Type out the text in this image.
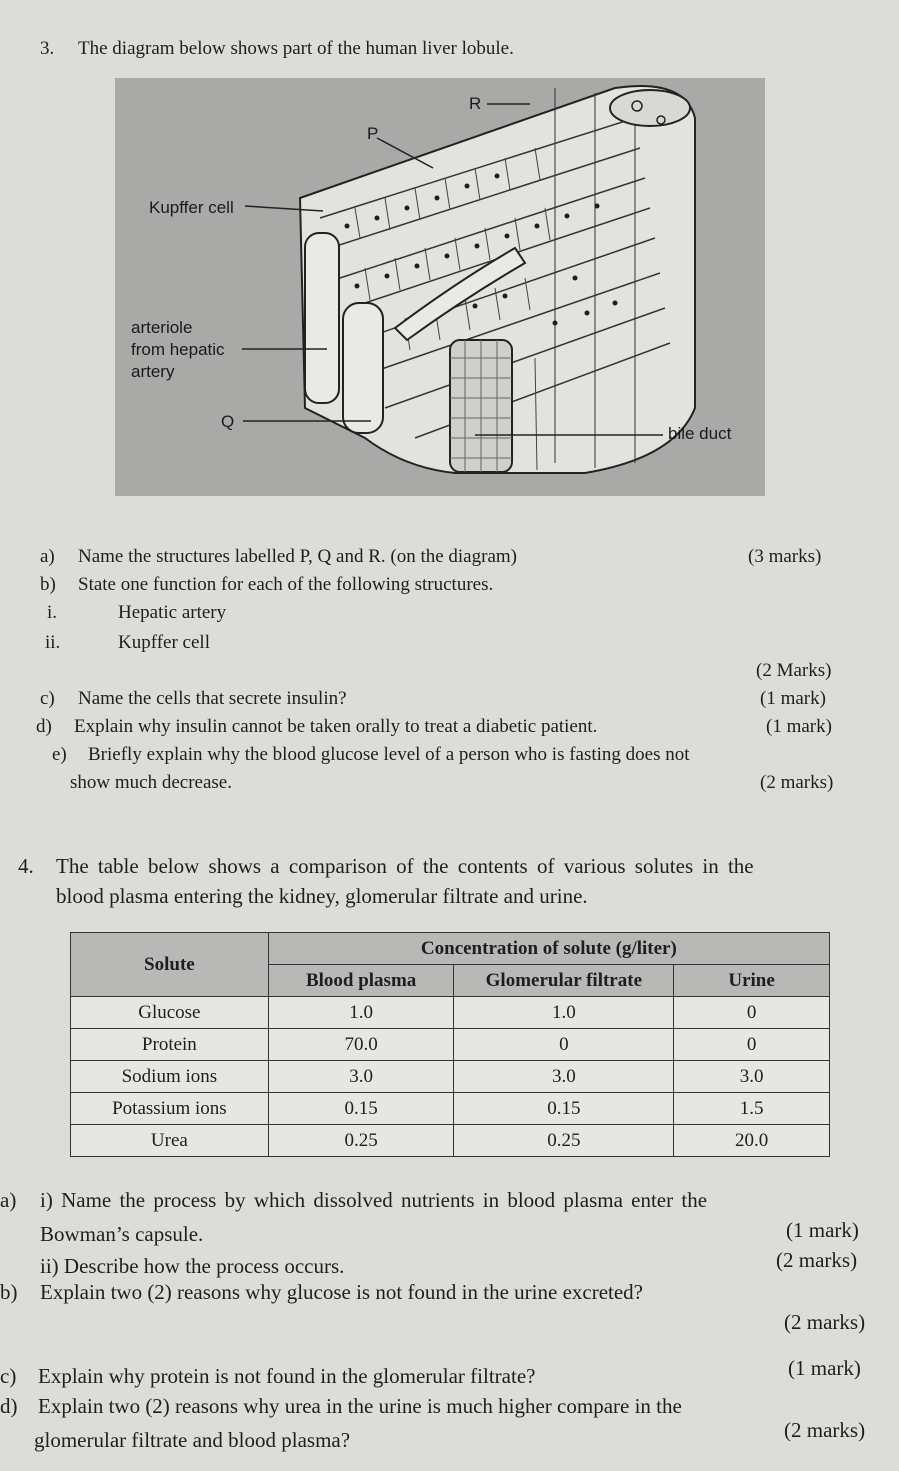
3. The diagram below shows part of the human liver lobule.
R
P
Kupffer cell
arteriole
from hepatic
artery
Q
bile duct
a) Name the structures labelled P, Q and R. (on the diagram)	(3 marks)
b) State one function for each of the following structures.
i.	Hepatic artery
ii.	Kupffer cell
(2 Marks)
c) Name the cells that secrete insulin?	(1 mark)
d) Explain why insulin cannot be taken orally to treat a diabetic patient.	(1 mark)
e) Briefly explain why the blood glucose level of a person who is fasting does not
show much decrease.	(2 marks)
4. The table below shows a comparison of the contents of various solutes in the
blood plasma entering the kidney, glomerular filtrate and urine.
Solute	Concentration of solute (g/liter)		
	Blood plasma	Glomerular filtrate	Urine
Glucose	1.0	1.0	0
Protein	70.0	0	0
Sodium ions	3.0	3.0	3.0
Potassium ions	0.15	0.15	1.5
Urea	0.25	0.25	20.0
a) i) Name the process by which dissolved nutrients in blood plasma enter the
Bowman’s capsule.	(1 mark)
ii) Describe how the process occurs.	(2 marks)
b) Explain two (2) reasons why glucose is not found in the urine excreted?
(2 marks)
c) Explain why protein is not found in the glomerular filtrate?	(1 mark)
d) Explain two (2) reasons why urea in the urine is much higher compare in the
glomerular filtrate and blood plasma?	(2 marks)
